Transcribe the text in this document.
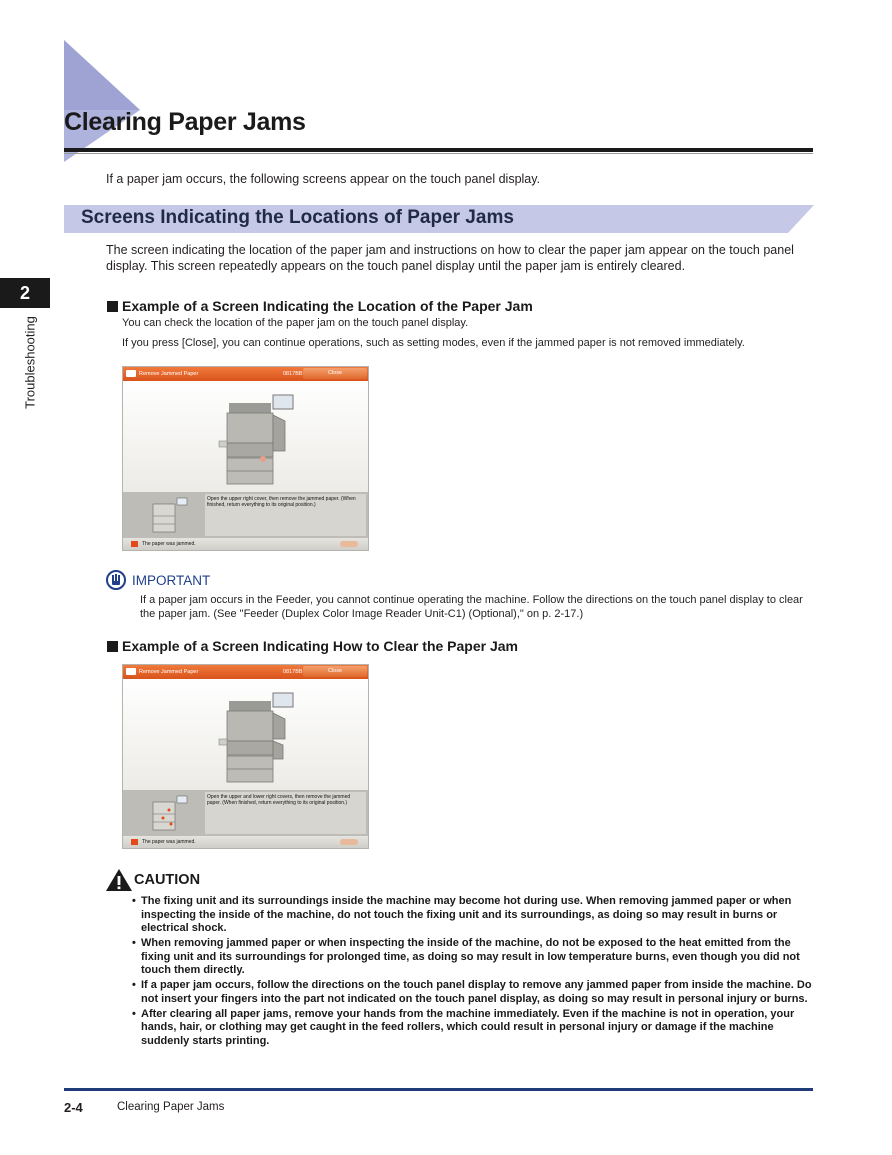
Clearing Paper Jams
If a paper jam occurs, the following screens appear on the touch panel display.
2
Troubleshooting
Screens Indicating the Locations of Paper Jams
The screen indicating the location of the paper jam and instructions on how to clear the paper jam appear on the touch panel display. This screen repeatedly appears on the touch panel display until the paper jam is entirely cleared.
Example of a Screen Indicating the Location of the Paper Jam
You can check the location of the paper jam on the touch panel display.
If you press [Close], you can continue operations, such as setting modes, even if the jammed paper is not removed immediately.
Remove Jammed Paper	0817BB	Close
Open the upper right cover, then remove the jammed paper. (When finished, return everything to its original position.)
The paper was jammed.
IMPORTANT
If a paper jam occurs in the Feeder, you cannot continue operating the machine. Follow the directions on the touch panel display to clear the paper jam. (See "Feeder (Duplex Color Image Reader Unit-C1) (Optional)," on p. 2-17.)
Example of a Screen Indicating How to Clear the Paper Jam
Remove Jammed Paper	0817BB	Close
Open the upper and lower right covers, then remove the jammed paper. (When finished, return everything to its original position.)
The paper was jammed.
CAUTION
• The fixing unit and its surroundings inside the machine may become hot during use. When removing jammed paper or when inspecting the inside of the machine, do not touch the fixing unit and its surroundings, as doing so may result in burns or electrical shock.
• When removing jammed paper or when inspecting the inside of the machine, do not be exposed to the heat emitted from the fixing unit and its surroundings for prolonged time, as doing so may result in low temperature burns, even though you did not touch them directly.
• If a paper jam occurs, follow the directions on the touch panel display to remove any jammed paper from inside the machine. Do not insert your fingers into the part not indicated on the touch panel display, as doing so may result in personal injury or burns.
• After clearing all paper jams, remove your hands from the machine immediately. Even if the machine is not in operation, your hands, hair, or clothing may get caught in the feed rollers, which could result in personal injury or damage if the machine suddenly starts printing.
2-4	Clearing Paper Jams
